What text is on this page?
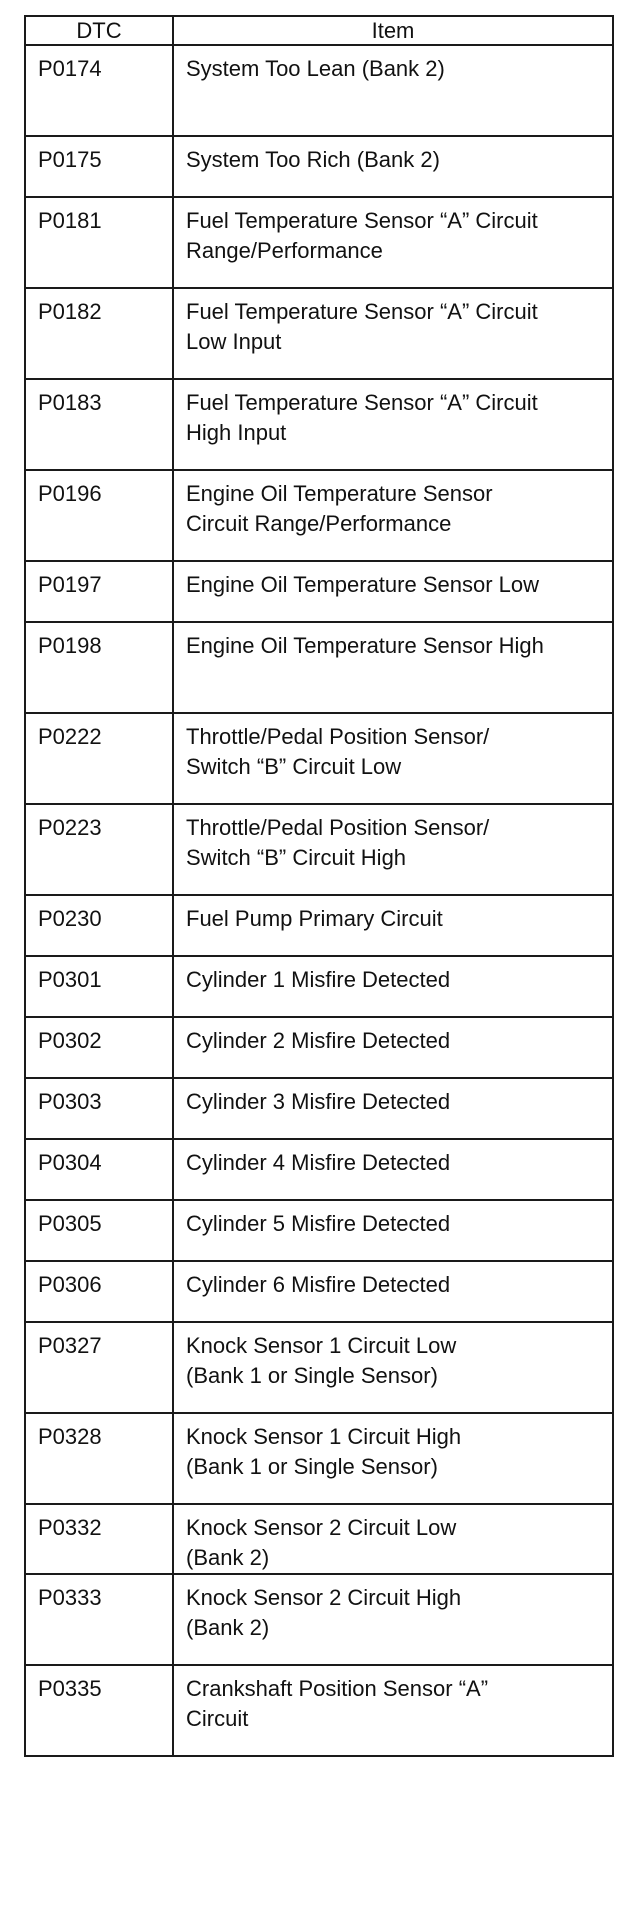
DTC	Item
P0174	System Too Lean (Bank 2)
P0175	System Too Rich (Bank 2)
P0181	Fuel Temperature Sensor “A” Circuit
Range/Performance
P0182	Fuel Temperature Sensor “A” Circuit
Low Input
P0183	Fuel Temperature Sensor “A” Circuit
High Input
P0196	Engine Oil Temperature Sensor
Circuit Range/Performance
P0197	Engine Oil Temperature Sensor Low
P0198	Engine Oil Temperature Sensor High
P0222	Throttle/Pedal Position Sensor/
Switch “B” Circuit Low
P0223	Throttle/Pedal Position Sensor/
Switch “B” Circuit High
P0230	Fuel Pump Primary Circuit
P0301	Cylinder 1 Misfire Detected
P0302	Cylinder 2 Misfire Detected
P0303	Cylinder 3 Misfire Detected
P0304	Cylinder 4 Misfire Detected
P0305	Cylinder 5 Misfire Detected
P0306	Cylinder 6 Misfire Detected
P0327	Knock Sensor 1 Circuit Low
(Bank 1 or Single Sensor)
P0328	Knock Sensor 1 Circuit High
(Bank 1 or Single Sensor)
P0332	Knock Sensor 2 Circuit Low
(Bank 2)
P0333	Knock Sensor 2 Circuit High
(Bank 2)
P0335	Crankshaft Position Sensor “A”
Circuit
